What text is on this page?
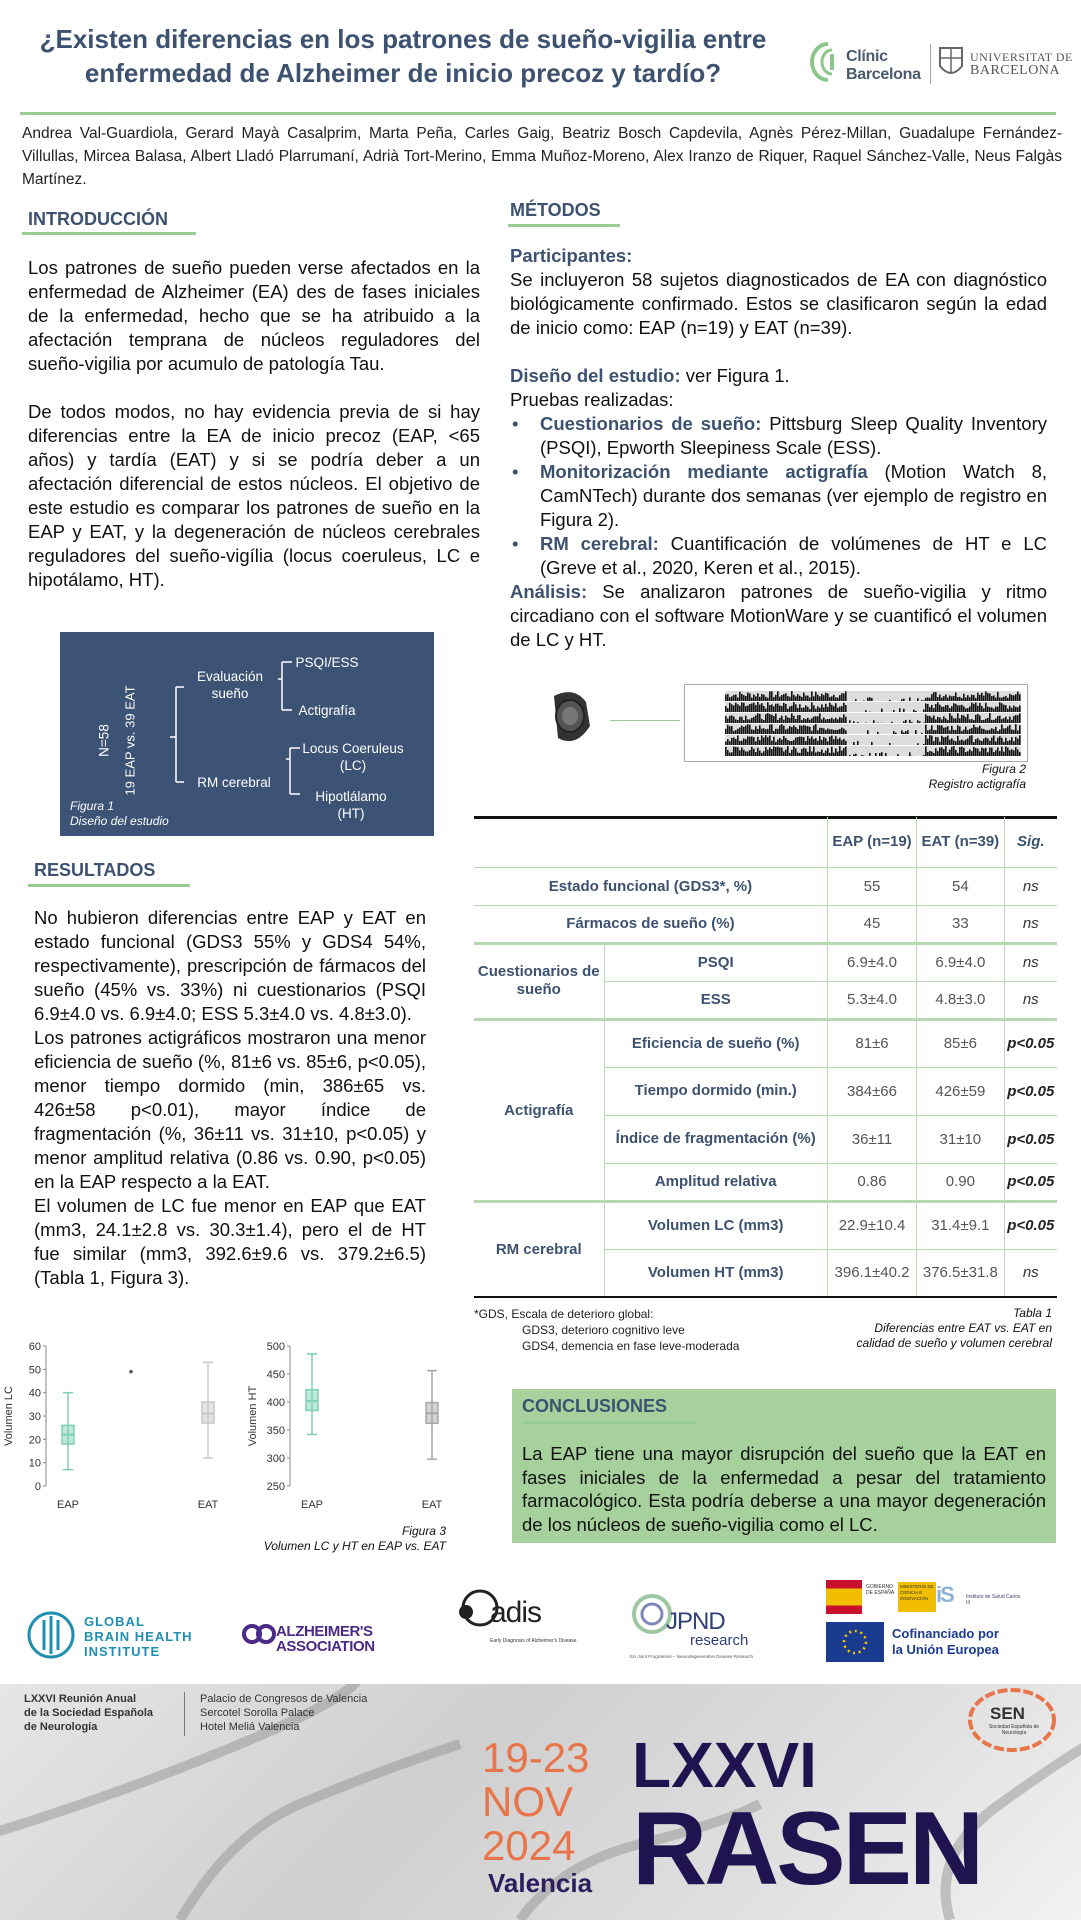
¿Existen diferencias en los patrones de sueño-vigilia entre
enfermedad de Alzheimer de inicio precoz y tardío?
Clínic
Barcelona
UNIVERSITAT DE
BARCELONA
Andrea Val-Guardiola, Gerard Mayà Casalprim, Marta Peña, Carles Gaig, Beatriz Bosch Capdevila, Agnès Pérez-Millan, Guadalupe Fernández-Villullas, Mircea Balasa, Albert Lladó Plarrumaní, Adrià Tort-Merino, Emma Muñoz-Moreno, Alex Iranzo de Riquer, Raquel Sánchez-Valle, Neus Falgàs Martínez.
INTRODUCCIÓN

Los patrones de sueño pueden verse afectados en la enfermedad de Alzheimer (EA) des de fases iniciales de la enfermedad, hecho que se ha atribuido a la afectación temprana de núcleos reguladores del sueño-vigilia por acumulo de patología Tau.

De todos modos, no hay evidencia previa de si hay diferencias entre la EA de inicio precoz (EAP, <65 años) y tardía (EAT) y si se podría deber a un afectación diferencial de estos núcleos. El objetivo de este estudio es comparar los patrones de sueño en la EAP y EAT, y la degeneración de núcleos cerebrales reguladores del sueño-vigília (locus coeruleus, LC e hipotálamo, HT).

N=58 19 EAP vs. 39 EAT
Evaluación sueño
PSQI/ESS
Actigrafía
RM cerebral
Locus Coeruleus (LC)
Hipotlálamo (HT)
Figura 1
Diseño del estudio
RESULTADOS

No hubieron diferencias entre EAP y EAT en estado funcional (GDS3 55% y GDS4 54%, respectivamente), prescripción de fármacos del sueño (45% vs. 33%) ni cuestionarios (PSQI 6.9±4.0 vs. 6.9±4.0; ESS 5.3±4.0 vs. 4.8±3.0).

Los patrones actigráficos mostraron una menor eficiencia de sueño (%, 81±6 vs. 85±6, p<0.05), menor tiempo dormido (min, 386±65 vs. 426±58 p<0.01), mayor índice de fragmentación (%, 36±11 vs. 31±10, p<0.05) y menor amplitud relativa (0.86 vs. 0.90, p<0.05) en la EAP respecto a la EAT.

El volumen de LC fue menor en EAP que EAT (mm3, 24.1±2.8 vs. 30.3±1.4), pero el de HT fue similar (mm3, 392.6±9.6 vs. 379.2±6.5) (Tabla 1, Figura 3).

0
10
20
30
40
50
60
Volumen LC
EAP	EAT
250
300
350
400
450
500
Volumen HT
EAP	EAT
Figura 3
Volumen LC y HT en EAP vs. EAT
MÉTODOS
Participantes:

Se incluyeron 58 sujetos diagnosticados de EA con diagnóstico biológicamente confirmado. Estos se clasificaron según la edad de inicio como: EAP (n=19) y EAT (n=39).

Diseño del estudio: ver Figura 1.

Pruebas realizadas:

• Cuestionarios de sueño: Pittsburg Sleep Quality Inventory (PSQI), Epworth Sleepiness Scale (ESS).
• Monitorización mediante actigrafía (Motion Watch 8, CamNTech) durante dos semanas (ver ejemplo de registro en Figura 2).
• RM cerebral: Cuantificación de volúmenes de HT e LC (Greve et al., 2020, Keren et al., 2015).

Análisis: Se analizaron patrones de sueño-vigilia y ritmo circadiano con el software MotionWare y se cuantificó el volumen de LC y HT.

Figura 2
Registro actigrafía
		EAP (n=19)	EAT (n=39)	Sig.
Estado funcional (GDS3*, %)		55	54	ns
Fármacos de sueño (%)		45	33	ns
Cuestionarios de sueño	PSQI	6.9±4.0	6.9±4.0	ns
	ESS	5.3±4.0	4.8±3.0	ns
Actigrafía	Eficiencia de sueño (%)	81±6	85±6	p<0.05
	Tiempo dormido (min.)	384±66	426±59	p<0.05
	Índice de fragmentación (%)	36±11	31±10	p<0.05
	Amplitud relativa	0.86	0.90	p<0.05
RM cerebral	Volumen LC (mm3)	22.9±10.4	31.4±9.1	p<0.05
	Volumen HT (mm3)	396.1±40.2	376.5±31.8	ns
*GDS, Escala de deterioro global:
GDS3, deterioro cognitivo leve
GDS4, demencia en fase leve-moderada
Tabla 1
Diferencias entre EAT vs. EAT en
calidad de sueño y volumen cerebral
CONCLUSIONES

La EAP tiene una mayor disrupción del sueño que la EAT en fases iniciales de la enfermedad a pesar del tratamiento farmacológico. Esta podría deberse a una mayor degeneración de los núcleos de sueño-vigilia como el LC.

GLOBAL
BRAIN HEALTH
INSTITUTE
ALZHEIMER'S ASSOCIATION
adis
Early Diagnosis of Alzheimer's Disease
JPND
research
EU Joint Programme – Neurodegenerative Disease Research
GOBIERNO DE ESPAÑA
MINISTERIO DE CIENCIA E INNOVACIÓN iS	Instituto de Salud Carlos III
Cofinanciado por
la Unión Europea
LXXVI Reunión Anual
de la Sociedad Española
de Neurología
Palacio de Congresos de Valencia
Sercotel Sorolla Palace
Hotel Meliá Valencia
19-23
NOV
2024
Valencia
LXXVI
RASEN
SEN
Sociedad Española de Neurología
